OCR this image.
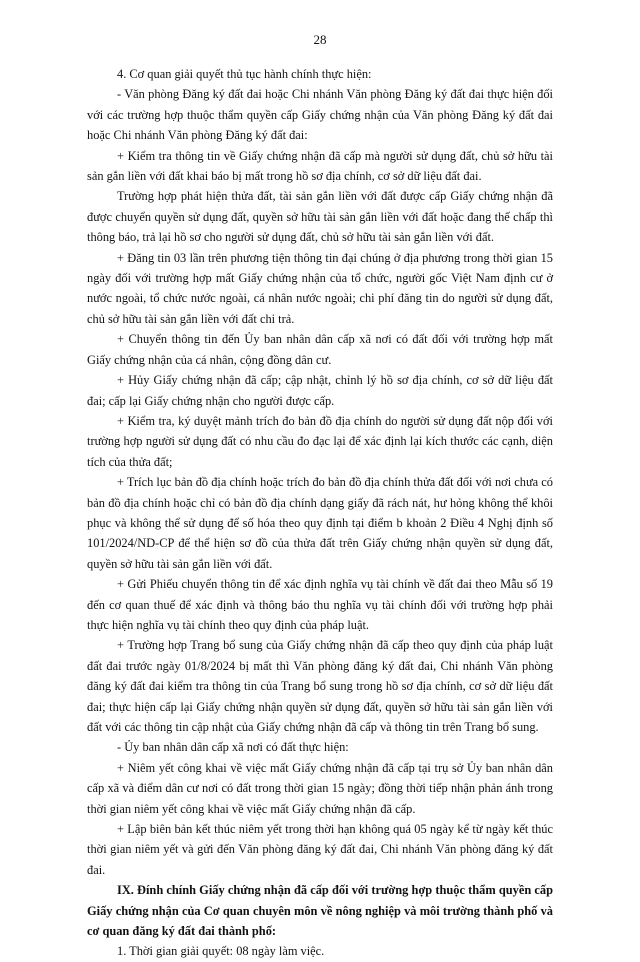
28

4. Cơ quan giải quyết thủ tục hành chính thực hiện:

- Văn phòng Đăng ký đất đai hoặc Chi nhánh Văn phòng Đăng ký đất đai thực hiện đối với các trường hợp thuộc thẩm quyền cấp Giấy chứng nhận của Văn phòng Đăng ký đất đai hoặc Chi nhánh Văn phòng Đăng ký đất đai:

+ Kiểm tra thông tin về Giấy chứng nhận đã cấp mà người sử dụng đất, chủ sở hữu tài sản gắn liền với đất khai báo bị mất trong hồ sơ địa chính, cơ sở dữ liệu đất đai.

Trường hợp phát hiện thửa đất, tài sản gắn liền với đất được cấp Giấy chứng nhận đã được chuyển quyền sử dụng đất, quyền sở hữu tài sản gắn liền với đất hoặc đang thế chấp thì thông báo, trả lại hồ sơ cho người sử dụng đất, chủ sở hữu tài sản gắn liền với đất.

+ Đăng tin 03 lần trên phương tiện thông tin đại chúng ở địa phương trong thời gian 15 ngày đối với trường hợp mất Giấy chứng nhận của tổ chức, người gốc Việt Nam định cư ở nước ngoài, tổ chức nước ngoài, cá nhân nước ngoài; chi phí đăng tin do người sử dụng đất, chủ sở hữu tài sản gắn liền với đất chi trả.

+ Chuyển thông tin đến Ủy ban nhân dân cấp xã nơi có đất đối với trường hợp mất Giấy chứng nhận của cá nhân, cộng đồng dân cư.

+ Hủy Giấy chứng nhận đã cấp; cập nhật, chỉnh lý hồ sơ địa chính, cơ sở dữ liệu đất đai; cấp lại Giấy chứng nhận cho người được cấp.

+ Kiểm tra, ký duyệt mảnh trích đo bản đồ địa chính do người sử dụng đất nộp đối với trường hợp người sử dụng đất có nhu cầu đo đạc lại để xác định lại kích thước các cạnh, diện tích của thửa đất;

+ Trích lục bản đồ địa chính hoặc trích đo bản đồ địa chính thửa đất đối với nơi chưa có bản đồ địa chính hoặc chỉ có bản đồ địa chính dạng giấy đã rách nát, hư hỏng không thể khôi phục và không thể sử dụng để số hóa theo quy định tại điểm b khoản 2 Điều 4 Nghị định số 101/2024/ND-CP để thể hiện sơ đồ của thửa đất trên Giấy chứng nhận quyền sử dụng đất, quyền sở hữu tài sản gắn liền với đất.

+ Gửi Phiếu chuyển thông tin để xác định nghĩa vụ tài chính về đất đai theo Mẫu số 19 đến cơ quan thuế để xác định và thông báo thu nghĩa vụ tài chính đối với trường hợp phải thực hiện nghĩa vụ tài chính theo quy định của pháp luật.

+ Trường hợp Trang bổ sung của Giấy chứng nhận đã cấp theo quy định của pháp luật đất đai trước ngày 01/8/2024 bị mất thì Văn phòng đăng ký đất đai, Chi nhánh Văn phòng đăng ký đất đai kiểm tra thông tin của Trang bổ sung trong hồ sơ địa chính, cơ sở dữ liệu đất đai; thực hiện cấp lại Giấy chứng nhận quyền sử dụng đất, quyền sở hữu tài sản gắn liền với đất với các thông tin cập nhật của Giấy chứng nhận đã cấp và thông tin trên Trang bổ sung.

- Ủy ban nhân dân cấp xã nơi có đất thực hiện:

+ Niêm yết công khai về việc mất Giấy chứng nhận đã cấp tại trụ sở Ủy ban nhân dân cấp xã và điểm dân cư nơi có đất trong thời gian 15 ngày; đồng thời tiếp nhận phản ánh trong thời gian niêm yết công khai về việc mất Giấy chứng nhận đã cấp.

+ Lập biên bản kết thúc niêm yết trong thời hạn không quá 05 ngày kể từ ngày kết thúc thời gian niêm yết và gửi đến Văn phòng đăng ký đất đai, Chi nhánh Văn phòng đăng ký đất đai.

IX. Đính chính Giấy chứng nhận đã cấp đối với trường hợp thuộc thẩm quyền cấp Giấy chứng nhận của Cơ quan chuyên môn về nông nghiệp và môi trường thành phố và cơ quan đăng ký đất đai thành phố:

1. Thời gian giải quyết: 08 ngày làm việc.
